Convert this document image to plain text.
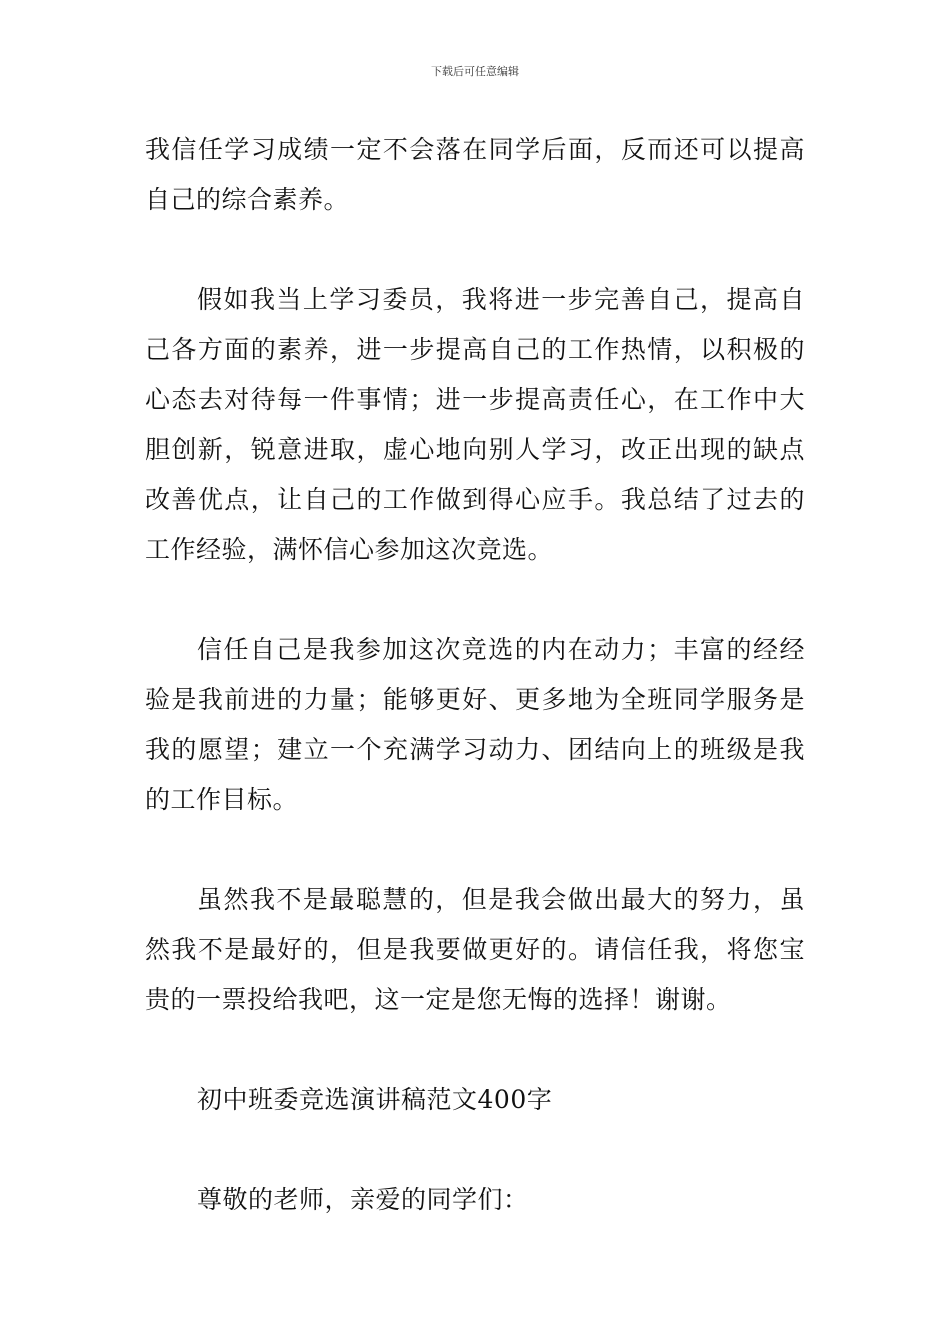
下载后可任意编辑

我信任学习成绩一定不会落在同学后面，反而还可以提高自己的综合素养。

假如我当上学习委员，我将进一步完善自己，提高自己各方面的素养，进一步提高自己的工作热情，以积极的心态去对待每一件事情；进一步提高责任心，在工作中大胆创新，锐意进取，虚心地向别人学习，改正出现的缺点改善优点，让自己的工作做到得心应手。我总结了过去的工作经验，满怀信心参加这次竞选。

信任自己是我参加这次竞选的内在动力；丰富的经经验是我前进的力量；能够更好、更多地为全班同学服务是我的愿望；建立一个充满学习动力、团结向上的班级是我的工作目标。

虽然我不是最聪慧的，但是我会做出最大的努力，虽然我不是最好的，但是我要做更好的。请信任我，将您宝贵的一票投给我吧，这一定是您无悔的选择！谢谢。

初中班委竞选演讲稿范文400字

尊敬的老师，亲爱的同学们：
